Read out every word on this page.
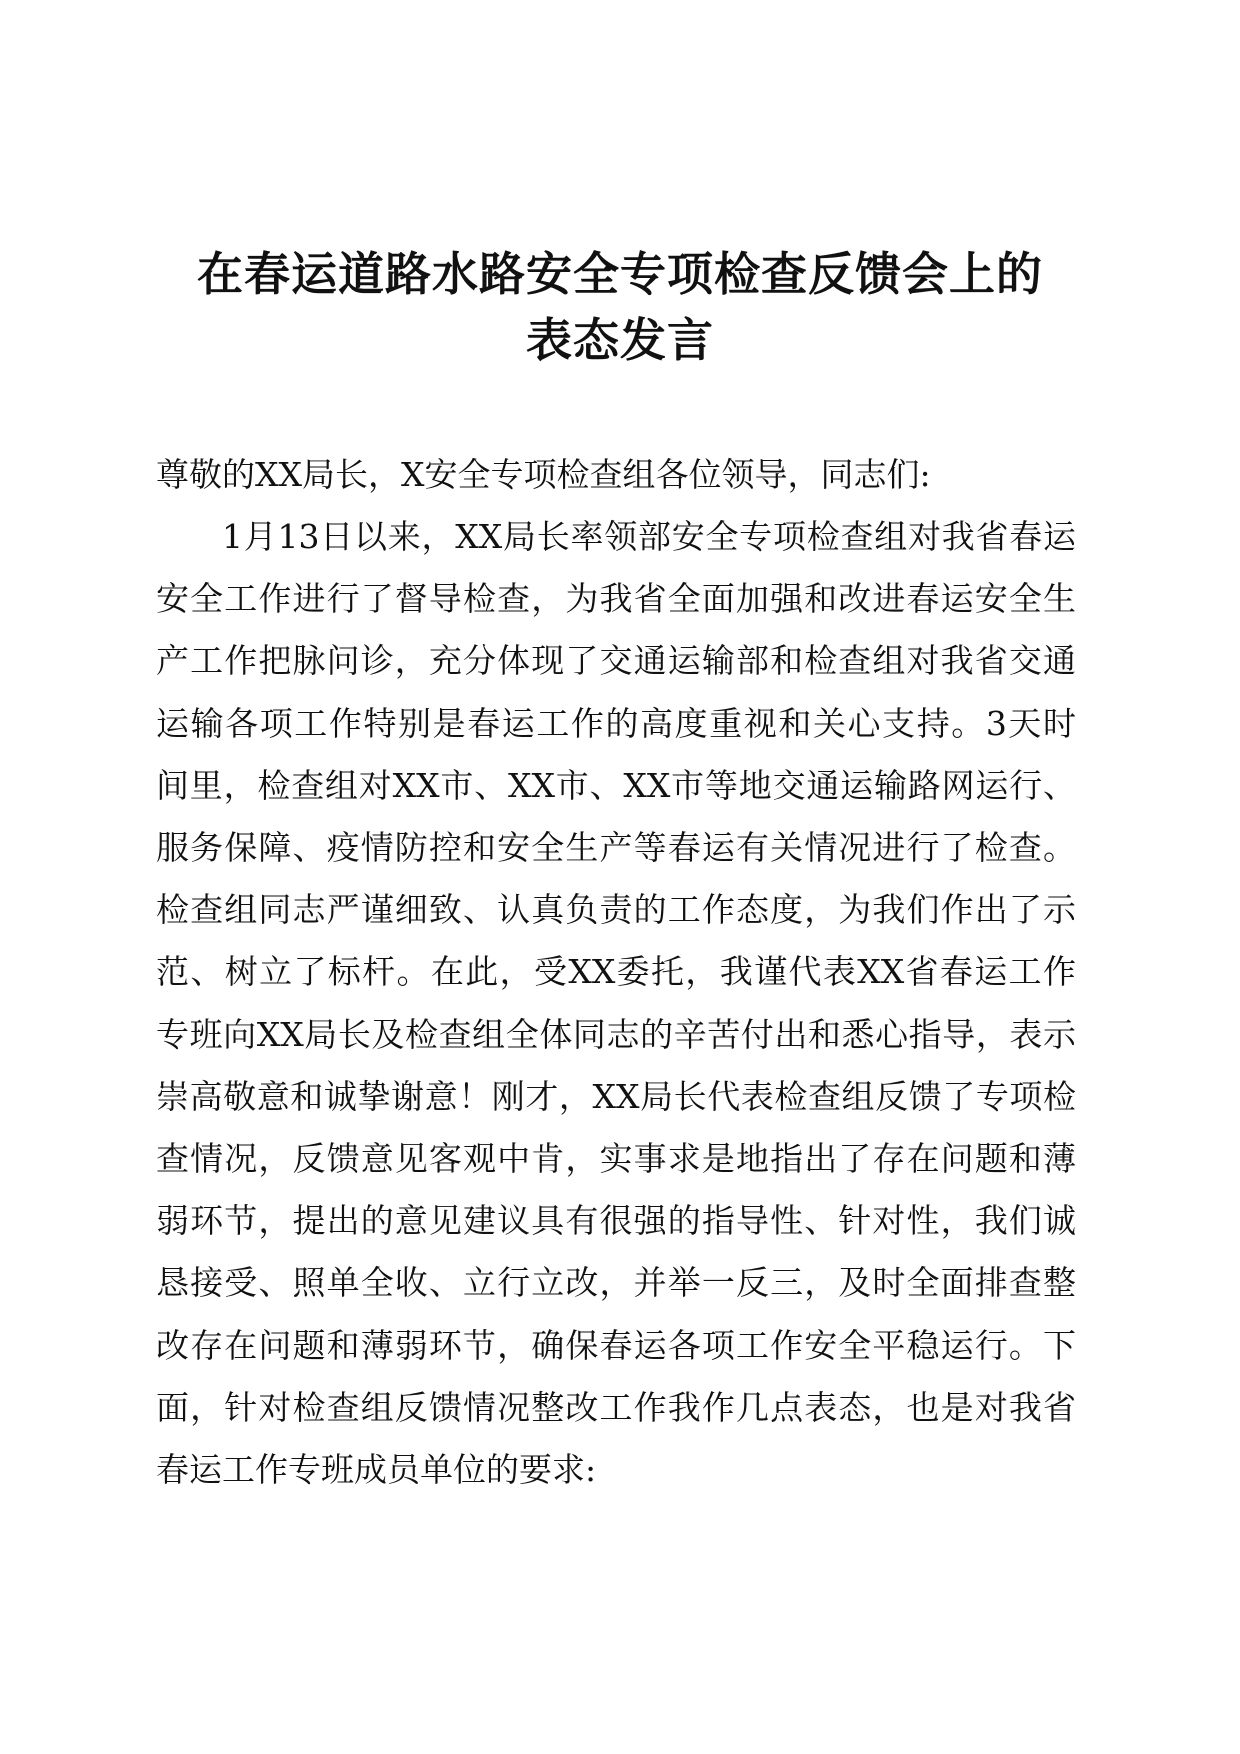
在春运道路水路安全专项检查反馈会上的
表态发言

尊敬的XX局长，X安全专项检查组各位领导，同志们:

1月13日以来，XX局长率领部安全专项检查组对我省春运
安全工作进行了督导检查，为我省全面加强和改进春运安全生
产工作把脉问诊，充分体现了交通运输部和检查组对我省交通
运输各项工作特别是春运工作的高度重视和关心支持。3天时
间里，检查组对XX市、XX市、XX市等地交通运输路网运行、
服务保障、疫情防控和安全生产等春运有关情况进行了检查。
检查组同志严谨细致、认真负责的工作态度，为我们作出了示
范、树立了标杆。在此，受XX委托，我谨代表XX省春运工作
专班向XX局长及检查组全体同志的辛苦付出和悉心指导，表示
崇高敬意和诚挚谢意！刚才，XX局长代表检查组反馈了专项检
查情况，反馈意见客观中肯，实事求是地指出了存在问题和薄
弱环节，提出的意见建议具有很强的指导性、针对性，我们诚
恳接受、照单全收、立行立改，并举一反三，及时全面排查整
改存在问题和薄弱环节，确保春运各项工作安全平稳运行。下
面，针对检查组反馈情况整改工作我作几点表态，也是对我省
春运工作专班成员单位的要求:
